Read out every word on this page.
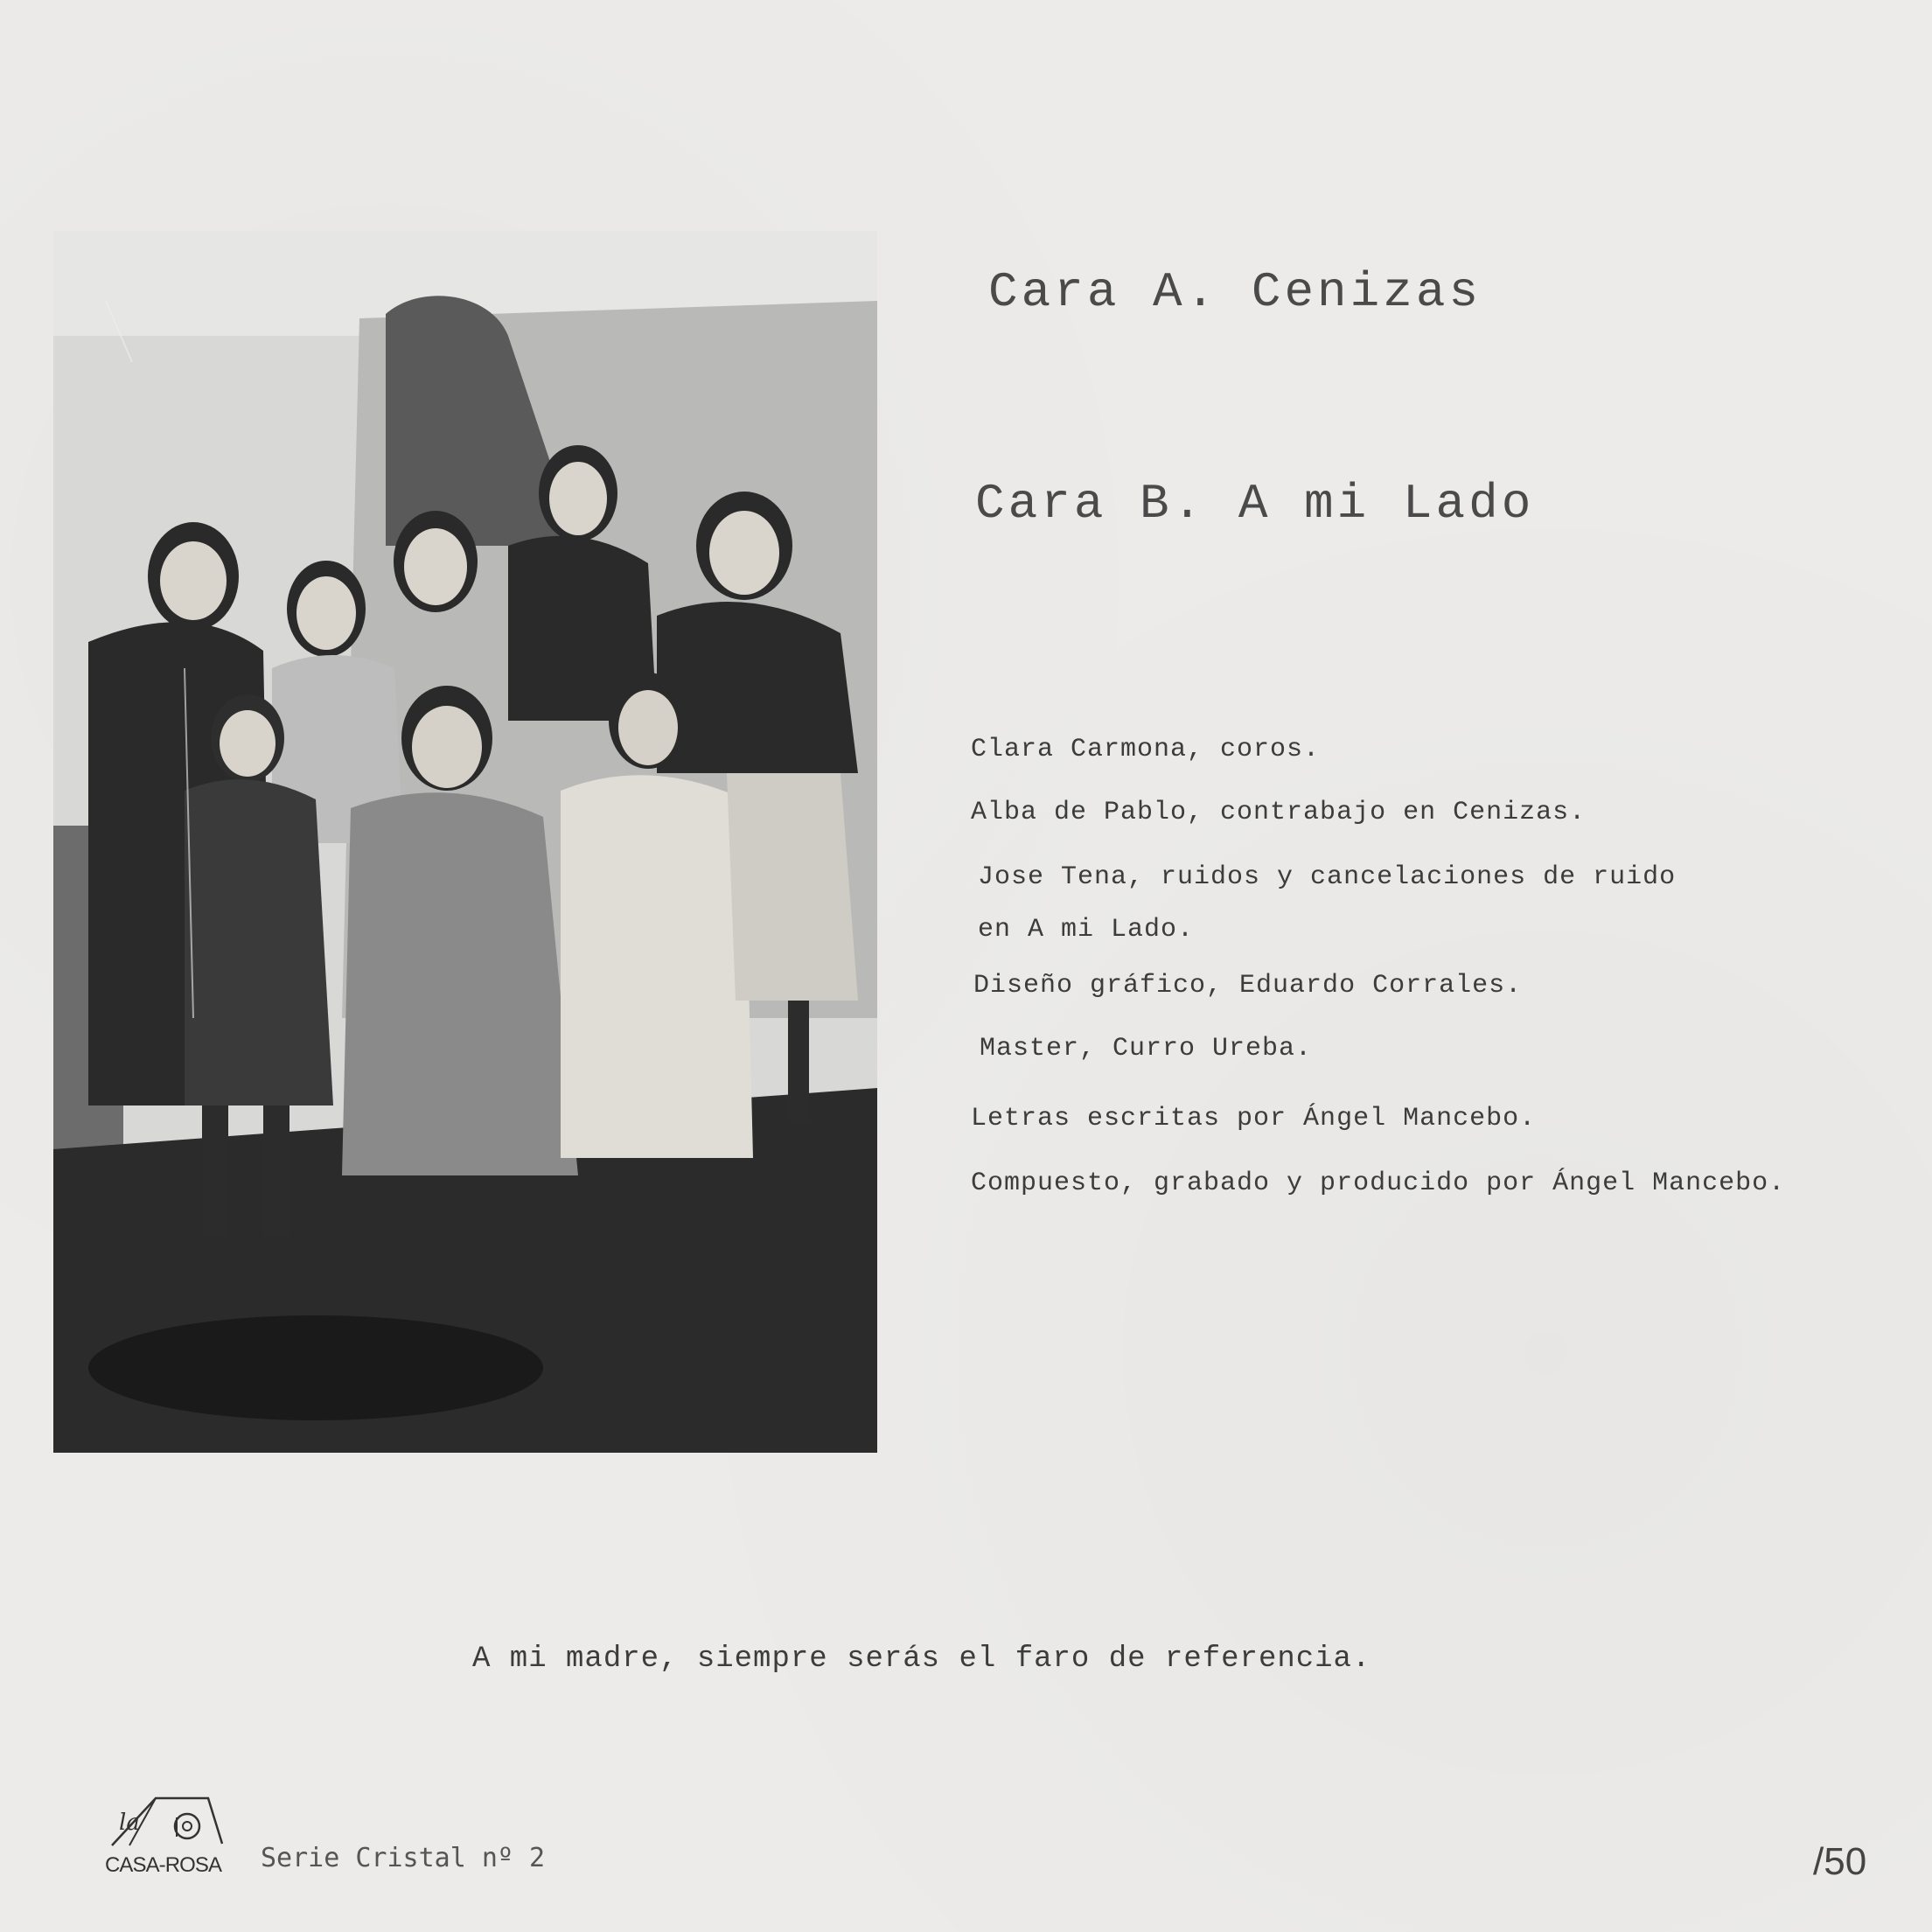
Cara A. Cenizas
Cara B. A mi Lado
Clara Carmona, coros.
Alba de Pablo, contrabajo en Cenizas.
Jose Tena, ruidos y cancelaciones de ruido
en A mi Lado.
Diseño gráfico, Eduardo Corrales.
Master, Curro Ureba.
Letras escritas por Ángel Mancebo.
Compuesto, grabado y producido por Ángel Mancebo.
A mi madre, siempre serás el faro de referencia.
la
CASA-ROSA Serie Cristal nº 2	/50
